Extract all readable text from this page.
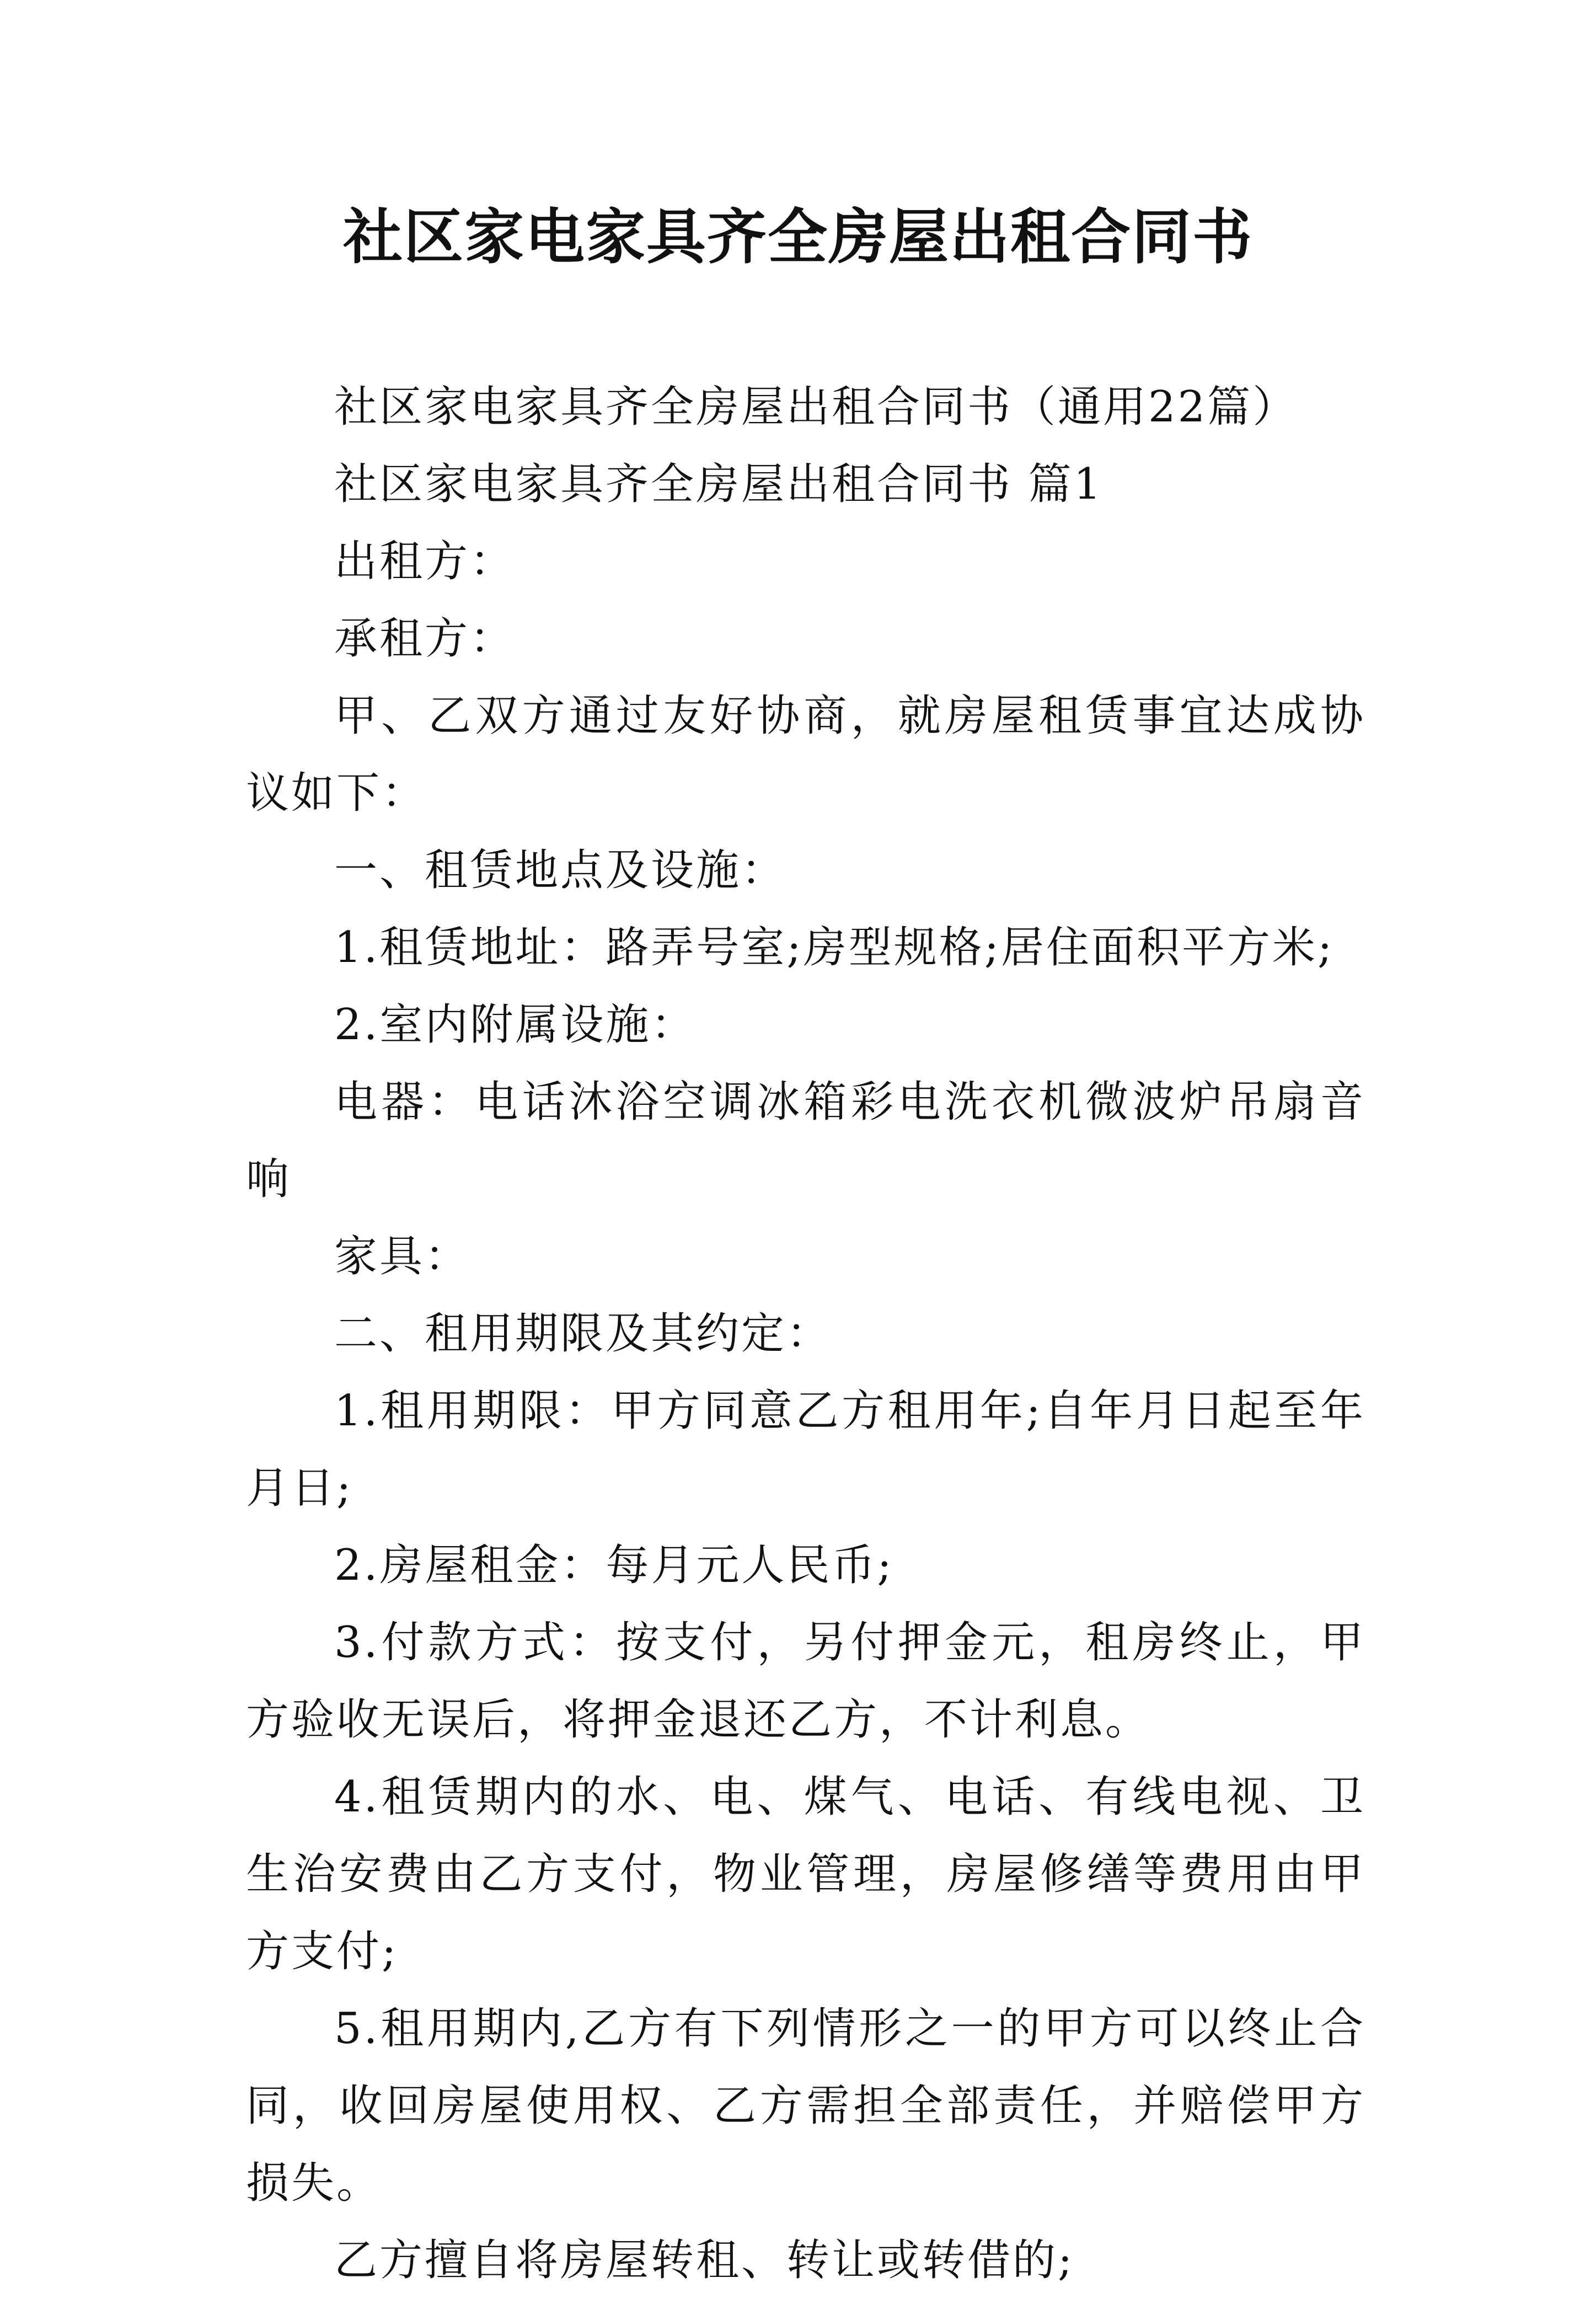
社区家电家具齐全房屋出租合同书

社区家电家具齐全房屋出租合同书（通用22篇）

社区家电家具齐全房屋出租合同书 篇1

出租方：

承租方：

甲、乙双方通过友好协商，就房屋租赁事宜达成协议如下：

一、租赁地点及设施：

1.租赁地址：路弄号室;房型规格;居住面积平方米;

2.室内附属设施：

电器：电话沐浴空调冰箱彩电洗衣机微波炉吊扇音响

家具：

二、租用期限及其约定：

1.租用期限：甲方同意乙方租用年;自年月日起至年月日;

2.房屋租金：每月元人民币;

3.付款方式：按支付，另付押金元，租房终止，甲方验收无误后，将押金退还乙方，不计利息。

4.租赁期内的水、电、煤气、电话、有线电视、卫生治安费由乙方支付，物业管理，房屋修缮等费用由甲方支付;

5.租用期内,乙方有下列情形之一的甲方可以终止合同，收回房屋使用权、乙方需担全部责任，并赔偿甲方损失。

乙方擅自将房屋转租、转让或转借的;
